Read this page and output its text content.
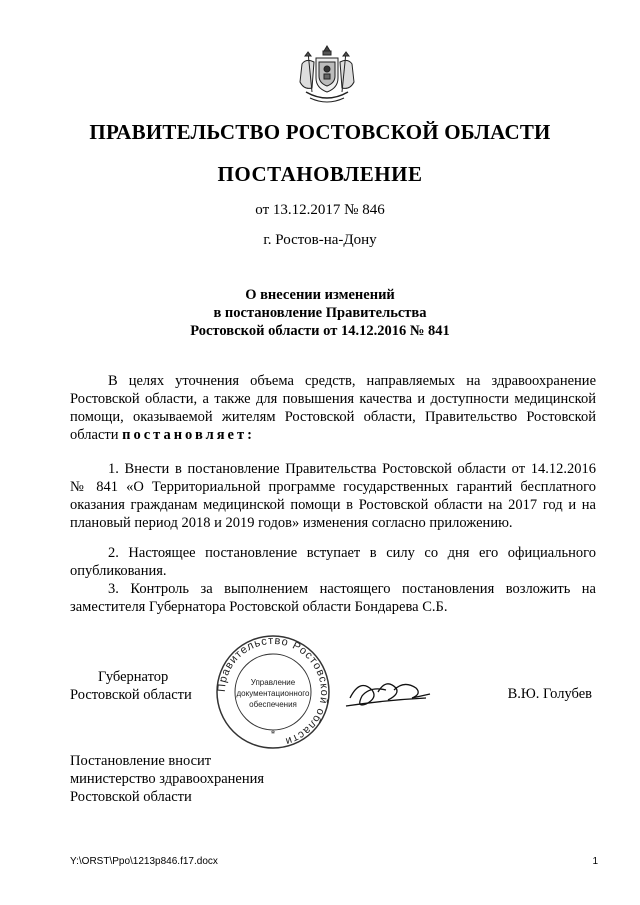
ПРАВИТЕЛЬСТВО РОСТОВСКОЙ ОБЛАСТИ
ПОСТАНОВЛЕНИЕ
от 13.12.2017 № 846
г. Ростов-на-Дону
О внесении изменений
в постановление Правительства
Ростовской области от 14.12.2016 № 841

В целях уточнения объема средств, направляемых на здравоохранение Ростовской области, а также для повышения качества и доступности медицинской помощи, оказываемой жителям Ростовской области, Правительство Ростовской области постановляет:

1. Внести в постановление Правительства Ростовской области от 14.12.2016 № 841 «О Территориальной программе государственных гарантий бесплатного оказания гражданам медицинской помощи в Ростовской области на 2017 год и на плановый период 2018 и 2019 годов» изменения согласно приложению.

2. Настоящее постановление вступает в силу со дня его официального опубликования.

3. Контроль за выполнением настоящего постановления возложить на заместителя Губернатора Ростовской области Бондарева С.Б.

Губернатор
Ростовской области	Правительство Ростовской области
Управление
документационного
обеспечения
*
В.Ю. Голубев
Постановление вносит
министерство здравоохранения
Ростовской области
Y:\ORST\Ppo\1213p846.f17.docx	1
